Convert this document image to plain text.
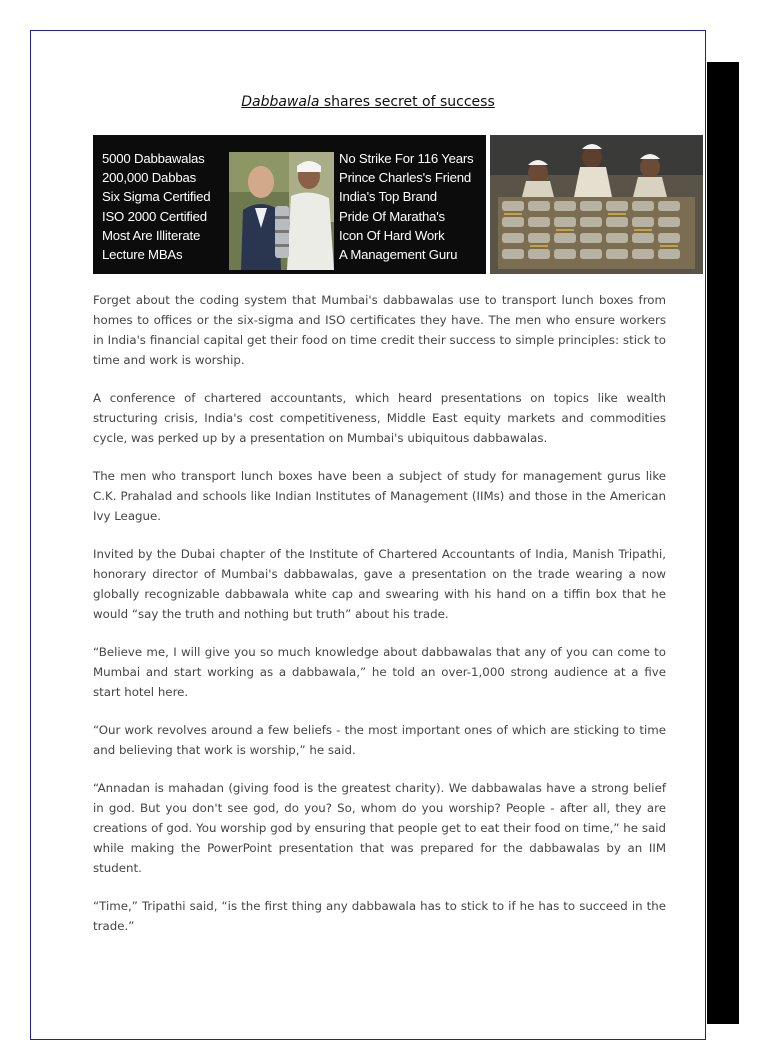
Dabbawala shares secret of success
5000 Dabbawalas
200,000 Dabbas
Six Sigma Certified
ISO 2000 Certified
Most Are Illiterate
Lecture MBAs
No Strike For 116 Years
Prince Charles's Friend
India's Top Brand
Pride Of Maratha's
Icon Of Hard Work
A Management Guru

Forget about the coding system that Mumbai's dabbawalas use to transport lunch boxes from homes to offices or the six-sigma and ISO certificates they have. The men who ensure workers in India's financial capital get their food on time credit their success to simple principles: stick to time and work is worship.

A conference of chartered accountants, which heard presentations on topics like wealth structuring crisis, India's cost competitiveness, Middle East equity markets and commodities cycle, was perked up by a presentation on Mumbai's ubiquitous dabbawalas.

The men who transport lunch boxes have been a subject of study for management gurus like C.K. Prahalad and schools like Indian Institutes of Management (IIMs) and those in the American Ivy League.

Invited by the Dubai chapter of the Institute of Chartered Accountants of India, Manish Tripathi, honorary director of Mumbai's dabbawalas, gave a presentation on the trade wearing a now globally recognizable dabbawala white cap and swearing with his hand on a tiffin box that he would “say the truth and nothing but truth” about his trade.

“Believe me, I will give you so much knowledge about dabbawalas that any of you can come to Mumbai and start working as a dabbawala,” he told an over-1,000 strong audience at a five start hotel here.

“Our work revolves around a few beliefs - the most important ones of which are sticking to time and believing that work is worship,” he said.

“Annadan is mahadan (giving food is the greatest charity). We dabbawalas have a strong belief in god. But you don't see god, do you? So, whom do you worship? People - after all, they are creations of god. You worship god by ensuring that people get to eat their food on time,” he said while making the PowerPoint presentation that was prepared for the dabbawalas by an IIM student.

“Time,” Tripathi said, “is the first thing any dabbawala has to stick to if he has to succeed in the trade.”
